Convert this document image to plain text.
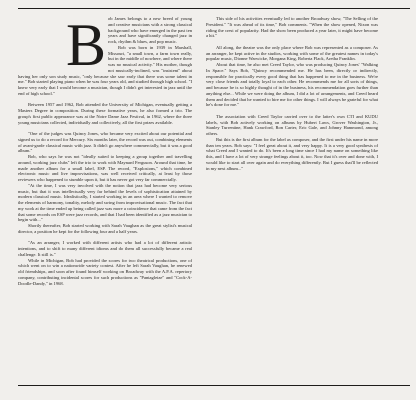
B ob James belongs to a new breed of young and creative musicians with a strong classical background who have emerged in the past ten years and have significantly changed jazz in rock, rhythm & blues, and pop music.

Bob was born in 1939 in Marshall, Missouri, "a small town, a farm town really, but in the middle of nowhere, and where there was no musical activity." His mother, though not musically-inclined, was "insistent" about having her only son study music, "only because she saw early that there was some talent in me." Bob started playing piano when he was four years old, and studied through high school. "I knew very early that I would become a musician, though I didn't get interested in jazz until the end of high school."

Between 1957 and 1962, Bob attended the University of Michigan, eventually getting a Masters Degree in composition. During these formative years, he also formed a trio. The group's first public appearance was at the Notre Dame Jazz Festival, in 1962, where the three young musicians collected, individually and collectively, all the first prizes available.

"One of the judges was Quincy Jones, who became very excited about our potential and signed us to do a record for Mercury. Six months later, the record was out, combining elements of avant-garde classical music with jazz. It didn't go anywhere commercially, but it was a good album."

Bob, who says he was not "ideally suited to keeping a group together and travelling around, working jazz clubs" left the trio to work with Maynard Ferguson. Around that time, he made another album for a small label, ESP. The record, "Explosions," which combined electronic music and live improvisations, was well received critically, at least by those reviewers who happened to stumble upon it, but it has never got very far commercially.

"At the time, I was very involved with the notion that jazz had become very serious music, but that it was intellectually very far behind the levels of sophistication attained by modern classical music. Idealistically, I started working in an area where I wanted to remove the elements of harmony, tonality, melody and swing from improvisational music. The fact that my work at the time ended up being called jazz was more a coincidence that came from the fact that some records on ESP were jazz records, and that I had been identified as a jazz musician to begin with..."

Shortly thereafter, Bob started working with Sarah Vaughan as the great stylist's musical director, a position he kept for the following four and a half years.

"As an arranger, I worked with different artists who had a lot of different artistic intentions, and to shift to many different idioms and do them all successfully became a real challenge. It still is."

While in Michigan, Bob had provided the scores for two theatrical productions, one of which went on to win a nationwide variety contest. After he left Sarah Vaughan, he renewed old friendships, and soon after found himself working on Broadway with the A.P.A. repertory company, contributing incidental scores for such productions as "Pantagleize" and "Cock-A-Doodle-Dandy," in 1968.

This side of his activities eventually led to another Broadway show, "The Selling of the President." "It was ahead of its time," Bob comments. "When the show opened, Nixon was riding the crest of popularity. Had the show been produced a year later, it might have become a hit."

All along, the theatre was the only place where Bob was represented as a composer. As an arranger, he kept active in the studios, working with some of the greatest names in today's popular music, Dionne Warwicke, Morgana King, Roberta Flack, Aretha Franklin.

About that time, he also met Creed Taylor, who was producing Quincy Jones' "Walking In Space." Says Bob, "Quincy recommended me. He has been, directly or indirectly, responsible for practically every good thing that has happened to me in the business. We're very close friends and totally loyal to each other. He recommends me for all sorts of things, and because he is so highly thought of in the business, his recommendation goes further than anything else... While we were doing the album, I did a lot of arrangements, and Creed heard them and decided that he wanted to hire me for other things. I will always be grateful for what he's done for me."

The association with Creed Taylor carried over to the latter's own CTI and KUDU labels, with Bob actively working on albums by Hubert Laws, Grover Washington, Jr., Stanley Turrentine, Hank Crawford, Ron Carter, Eric Gale, and Johnny Hammond, among others.

But this is the first album for the label as composer, and the first under his name in more than ten years. Bob says: "I feel great about it, and very happy. It is a very good synthesis of what Creed and I wanted to do. It's been a long time since I had my name on something like this, and I have a lot of very strange feelings about it, too. Now that it's over and done with, I would like to start all over again and do everything differently. But I guess that'll be reflected in my next album..."
